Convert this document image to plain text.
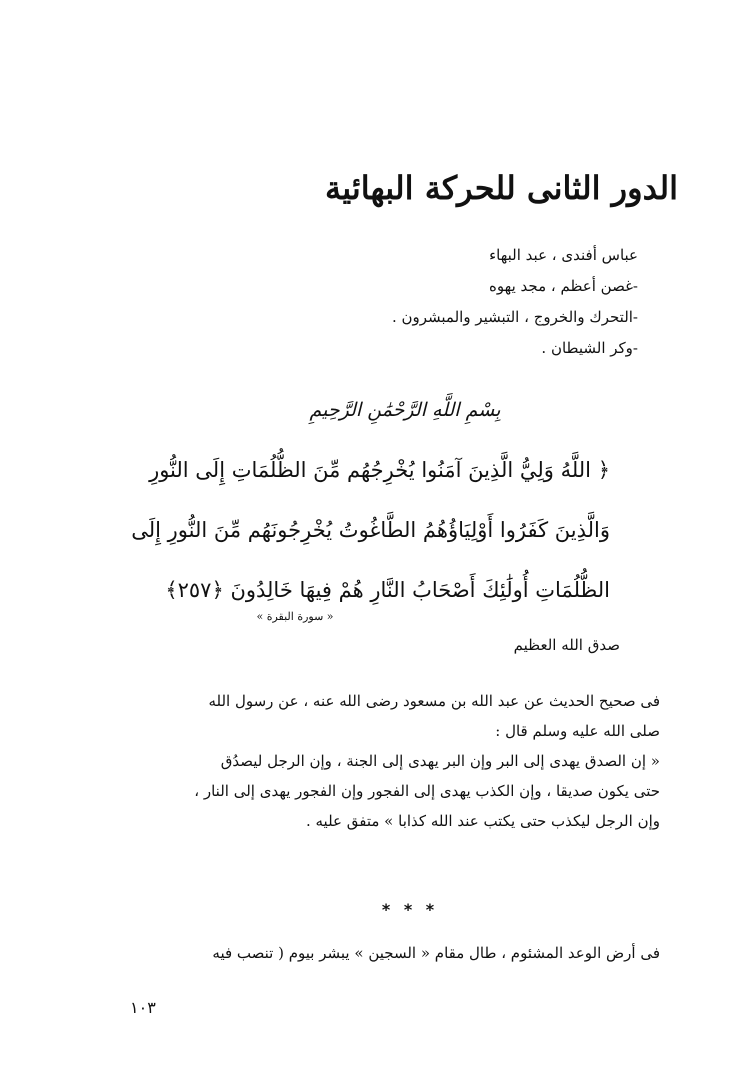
الدور الثانى للحركة البهائية
عباس أفندى ، عبد البهاء
-غصن أعظم ، مجد يهوه
-التحرك والخروج ، التبشير والمبشرون .
-وكر الشيطان .
بِسْمِ اللَّهِ الرَّحْمَٰنِ الرَّحِيمِ
﴿ اللَّهُ وَلِيُّ الَّذِينَ آمَنُوا يُخْرِجُهُم مِّنَ الظُّلُمَاتِ إِلَى النُّورِ
وَالَّذِينَ كَفَرُوا أَوْلِيَاؤُهُمُ الطَّاغُوتُ يُخْرِجُونَهُم مِّنَ النُّورِ إِلَى
الظُّلُمَاتِ أُولَٰئِكَ أَصْحَابُ النَّارِ هُمْ فِيهَا خَالِدُونَ ﴿٢٥٧﴾
« سورة البقرة »
صدق الله العظيم
فى صحيح الحديث عن عبد الله بن مسعود رضى الله عنه ، عن رسول الله
صلى الله عليه وسلم قال :
« إن الصدق يهدى إلى البر وإن البر يهدى إلى الجنة ، وإن الرجل ليصدُق
حتى يكون صديقا ، وإن الكذب يهدى إلى الفجور وإن الفجور يهدى إلى النار ،
وإن الرجل ليكذب حتى يكتب عند الله كذابا » متفق عليه .
* * *
فى أرض الوعد المشئوم ، طال مقام « السجين » يبشر بيوم ( تنصب فيه
١٠٣
